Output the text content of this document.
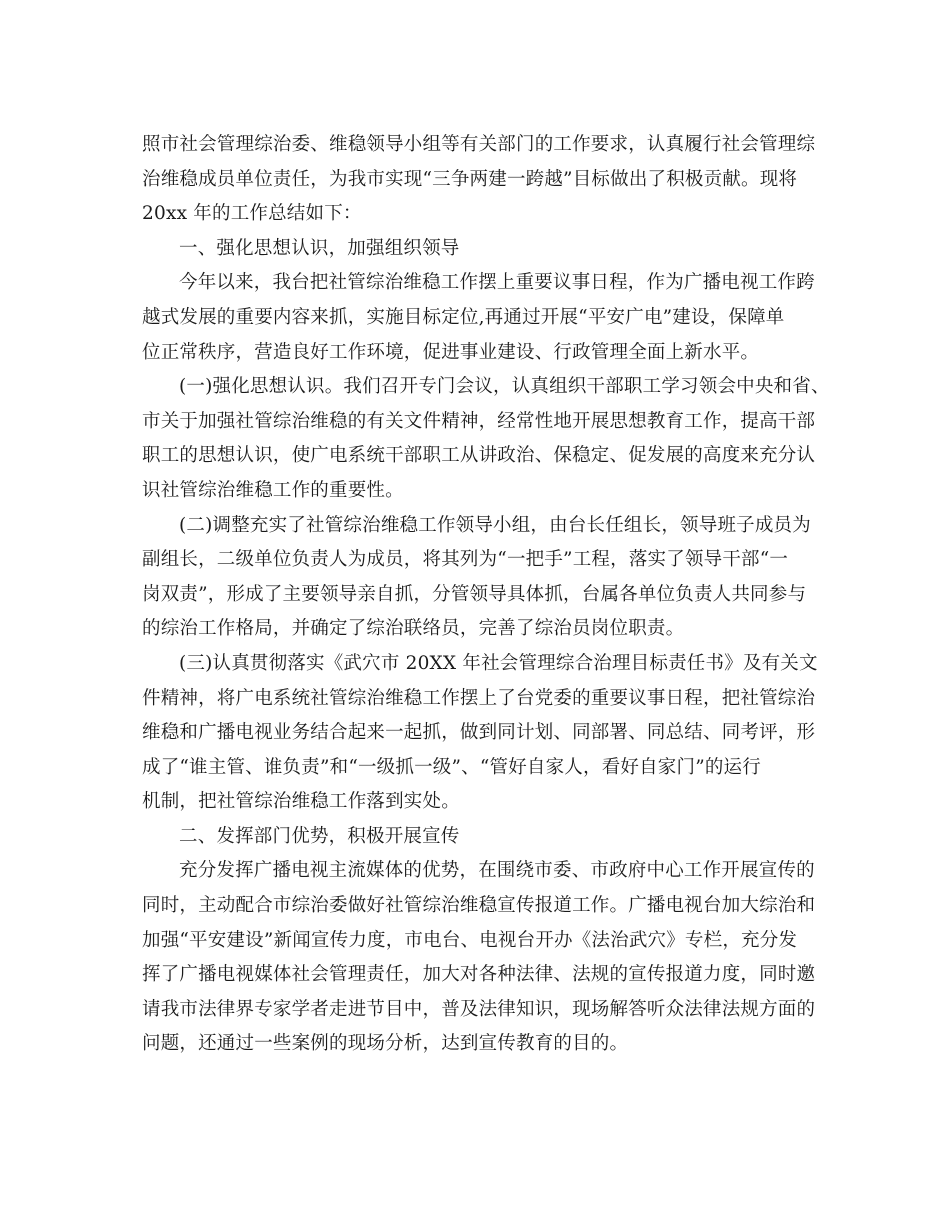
照市社会管理综治委、维稳领导小组等有关部门的工作要求，认真履行社会管理综
治维稳成员单位责任，为我市实现“三争两建一跨越”目标做出了积极贡献。现将
20xx 年的工作总结如下：
一、强化思想认识，加强组织领导
今年以来，我台把社管综治维稳工作摆上重要议事日程，作为广播电视工作跨
越式发展的重要内容来抓，实施目标定位,再通过开展“平安广电”建设，保障单
位正常秩序，营造良好工作环境，促进事业建设、行政管理全面上新水平。
(一)强化思想认识。我们召开专门会议，认真组织干部职工学习领会中央和省、
市关于加强社管综治维稳的有关文件精神，经常性地开展思想教育工作，提高干部
职工的思想认识，使广电系统干部职工从讲政治、保稳定、促发展的高度来充分认
识社管综治维稳工作的重要性。
(二)调整充实了社管综治维稳工作领导小组，由台长任组长，领导班子成员为
副组长，二级单位负责人为成员，将其列为“一把手”工程，落实了领导干部“一
岗双责”，形成了主要领导亲自抓，分管领导具体抓，台属各单位负责人共同参与
的综治工作格局，并确定了综治联络员，完善了综治员岗位职责。
(三)认真贯彻落实《武穴市 20XX 年社会管理综合治理目标责任书》及有关文
件精神，将广电系统社管综治维稳工作摆上了台党委的重要议事日程，把社管综治
维稳和广播电视业务结合起来一起抓，做到同计划、同部署、同总结、同考评，形
成了“谁主管、谁负责”和“一级抓一级”、“管好自家人，看好自家门”的运行
机制，把社管综治维稳工作落到实处。
二、发挥部门优势，积极开展宣传
充分发挥广播电视主流媒体的优势，在围绕市委、市政府中心工作开展宣传的
同时，主动配合市综治委做好社管综治维稳宣传报道工作。广播电视台加大综治和
加强“平安建设”新闻宣传力度，市电台、电视台开办《法治武穴》专栏，充分发
挥了广播电视媒体社会管理责任，加大对各种法律、法规的宣传报道力度，同时邀
请我市法律界专家学者走进节目中，普及法律知识，现场解答听众法律法规方面的
问题，还通过一些案例的现场分析，达到宣传教育的目的。
